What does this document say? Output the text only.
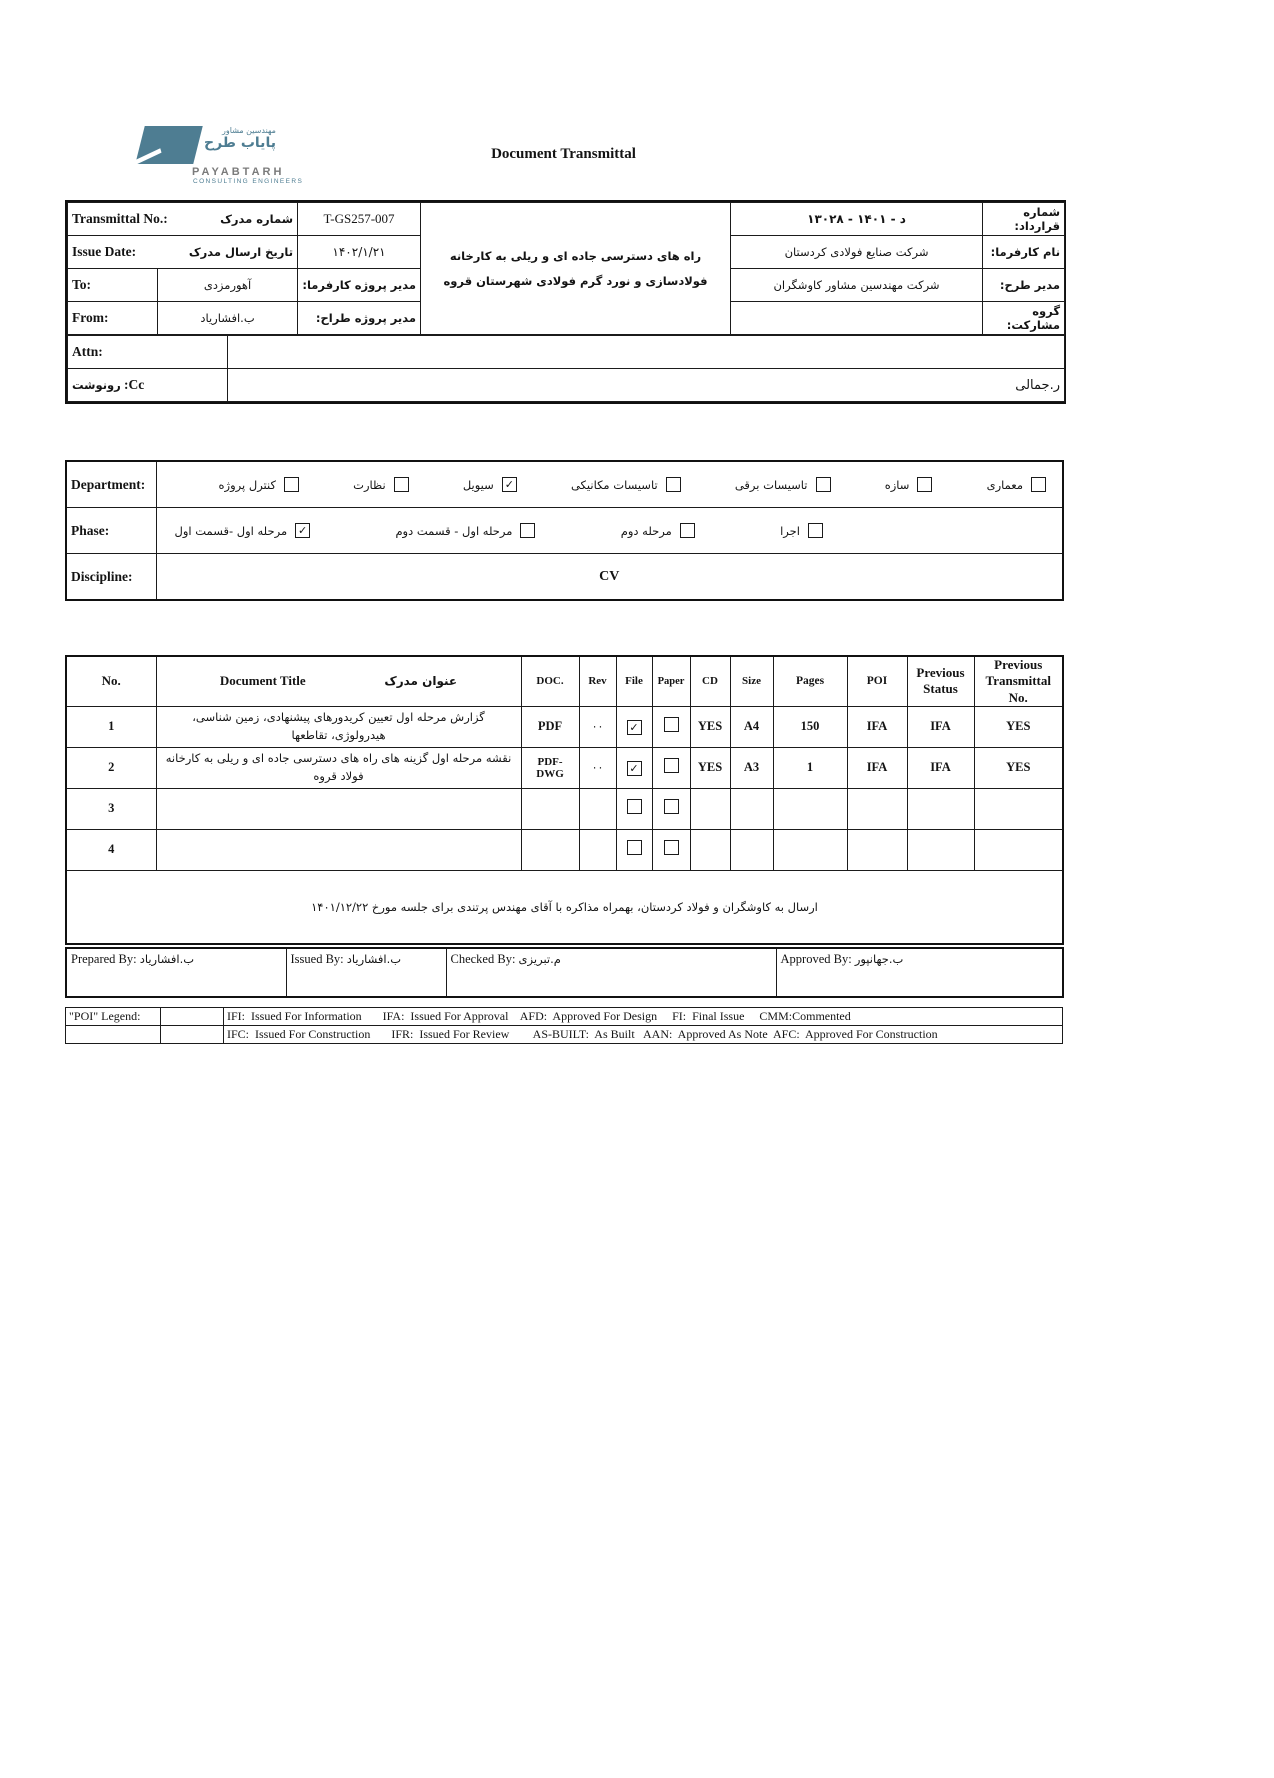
مهندسین مشاور
پایاب طرح
PAYABTARH
CONSULTING ENGINEERS
Document Transmittal
Transmittal No.: شماره مدرک		T-GS257-007	راه های دسترسی جاده ای و ریلی به کارخانه فولادسازی و نورد گرم فولادی شهرستان قروه	۱۳۰۲۸ - د - ۱۴۰۱	شماره قرارداد:

Issue Date: تاریخ ارسال مدرک		۱۴۰۲/۱/۲۱		شرکت صنایع فولادی کردستان	نام کارفرما:
To:	آهورمزدی	مدیر پروژه کارفرما:		شرکت مهندسین مشاور کاوشگران	مدیر طرح:
From:	ب.افشاریاد	مدیر پروژه طراح:			گروه مشارکت:
Attn:	
رونوشت :Cc	ر.جمالی
Department:	کنترل پروژه	نظارت	سیویل ✓	تاسیسات مکانیکی	تاسیسات برقی	سازه	معماری

Phase:	مرحله اول -قسمت اول ✓ مرحله اول - قسمت دوم مرحله دوم اجرا

Discipline:	CV
No.	Document Title عنوان مدرک	DOC.	Rev	File	Paper	CD	Size	Pages	POI	Previous Status	Previous Transmittal No.
1	گزارش مرحله اول تعیین کریدورهای پیشنهادی، زمین شناسی، هیدرولوژی، تقاطعها	PDF	۰۰	✓		YES	A4	150	IFA	IFA	YES
2	نقشه مرحله اول گزینه های راه های دسترسی جاده ای و ریلی به کارخانه فولاد قروه	PDF-DWG	۰۰	✓		YES	A3	1	IFA	IFA	YES
3											
4											
ارسال به کاوشگران و فولاد کردستان، بهمراه مذاکره با آقای مهندس پرتندی برای جلسه مورخ ۱۴۰۱/۱۲/۲۲											
Prepared By: ب.افشاریاد	Issued By: ب.افشاریاد	Checked By: م.تبریزی	Approved By: ب.جهانپور
"POI" Legend:		IFI:  Issued For Information       IFA:  Issued For Approval    AFD:  Approved For Design     FI:  Final Issue     CMM:Commented
		IFC:  Issued For Construction       IFR:  Issued For Review        AS-BUILT:  As Built   AAN:  Approved As Note  AFC:  Approved For Construction
